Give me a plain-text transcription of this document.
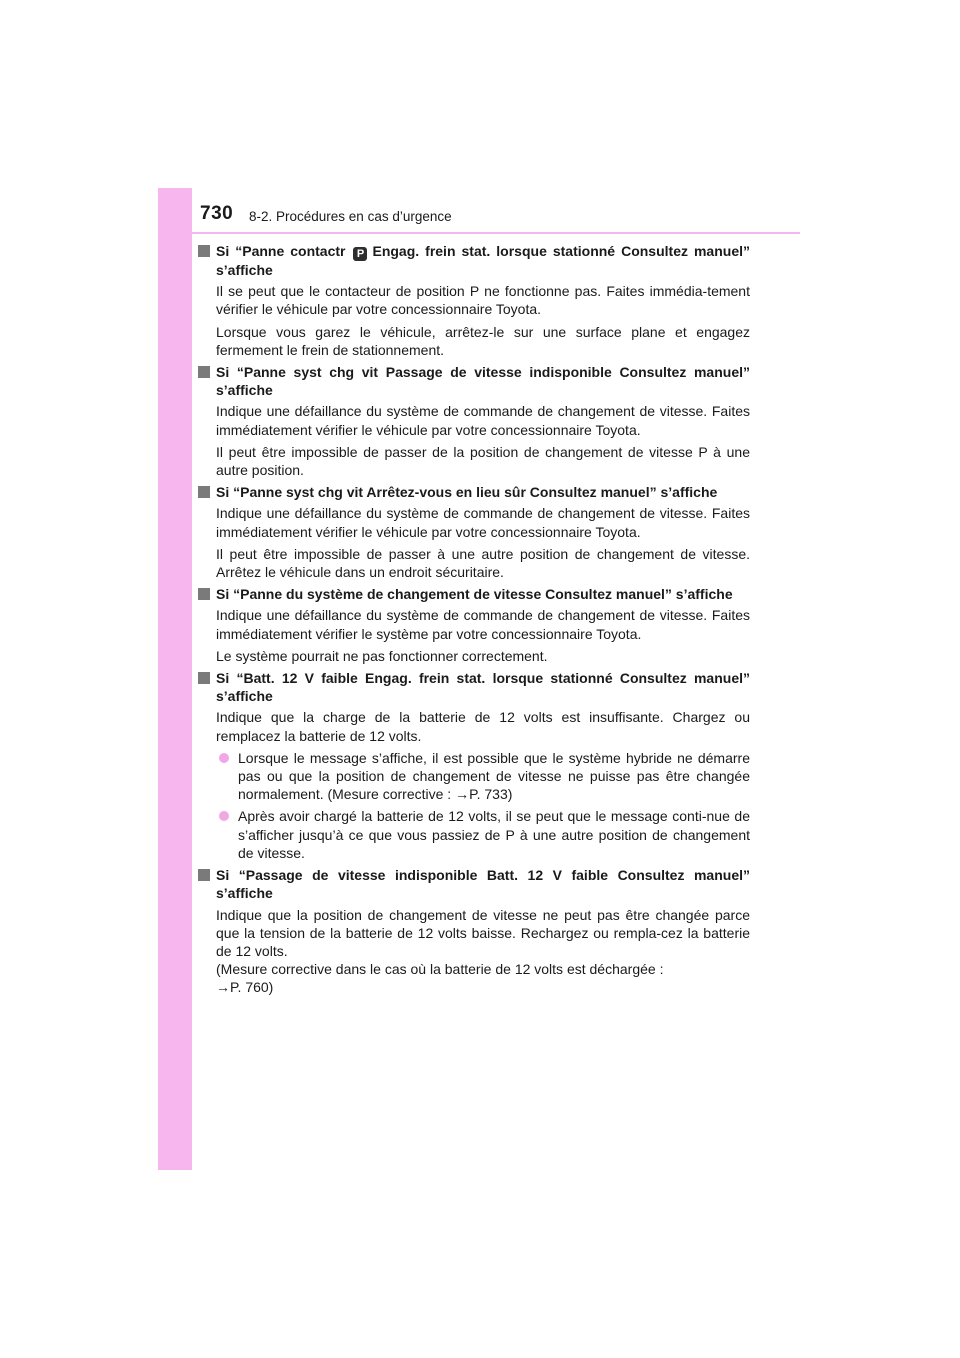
730 8-2. Procédures en cas d’urgence

Si “Panne contactr P Engag. frein stat. lorsque stationné Consultez manuel” s’affiche

Il se peut que le contacteur de position P ne fonctionne pas. Faites immédia-tement vérifier le véhicule par votre concessionnaire Toyota.

Lorsque vous garez le véhicule, arrêtez-le sur une surface plane et engagez fermement le frein de stationnement.

Si “Panne syst chg vit Passage de vitesse indisponible Consultez manuel” s’affiche

Indique une défaillance du système de commande de changement de vitesse. Faites immédiatement vérifier le véhicule par votre concessionnaire Toyota.

Il peut être impossible de passer de la position de changement de vitesse P à une autre position.

Si “Panne syst chg vit Arrêtez-vous en lieu sûr Consultez manuel” s’affiche

Indique une défaillance du système de commande de changement de vitesse. Faites immédiatement vérifier le véhicule par votre concessionnaire Toyota.

Il peut être impossible de passer à une autre position de changement de vitesse. Arrêtez le véhicule dans un endroit sécuritaire.

Si “Panne du système de changement de vitesse Consultez manuel” s’affiche

Indique une défaillance du système de commande de changement de vitesse. Faites immédiatement vérifier le système par votre concessionnaire Toyota.

Le système pourrait ne pas fonctionner correctement.

Si “Batt. 12 V faible Engag. frein stat. lorsque stationné Consultez manuel” s’affiche

Indique que la charge de la batterie de 12 volts est insuffisante. Chargez ou remplacez la batterie de 12 volts.

Lorsque le message s’affiche, il est possible que le système hybride ne démarre pas ou que la position de changement de vitesse ne puisse pas être changée normalement. (Mesure corrective : →P. 733)
Après avoir chargé la batterie de 12 volts, il se peut que le message conti-nue de s’afficher jusqu’à ce que vous passiez de P à une autre position de changement de vitesse.

Si “Passage de vitesse indisponible Batt. 12 V faible Consultez manuel” s’affiche

Indique que la position de changement de vitesse ne peut pas être changée parce que la tension de la batterie de 12 volts baisse. Rechargez ou rempla-cez la batterie de 12 volts.
(Mesure corrective dans le cas où la batterie de 12 volts est déchargée :
→P. 760)
